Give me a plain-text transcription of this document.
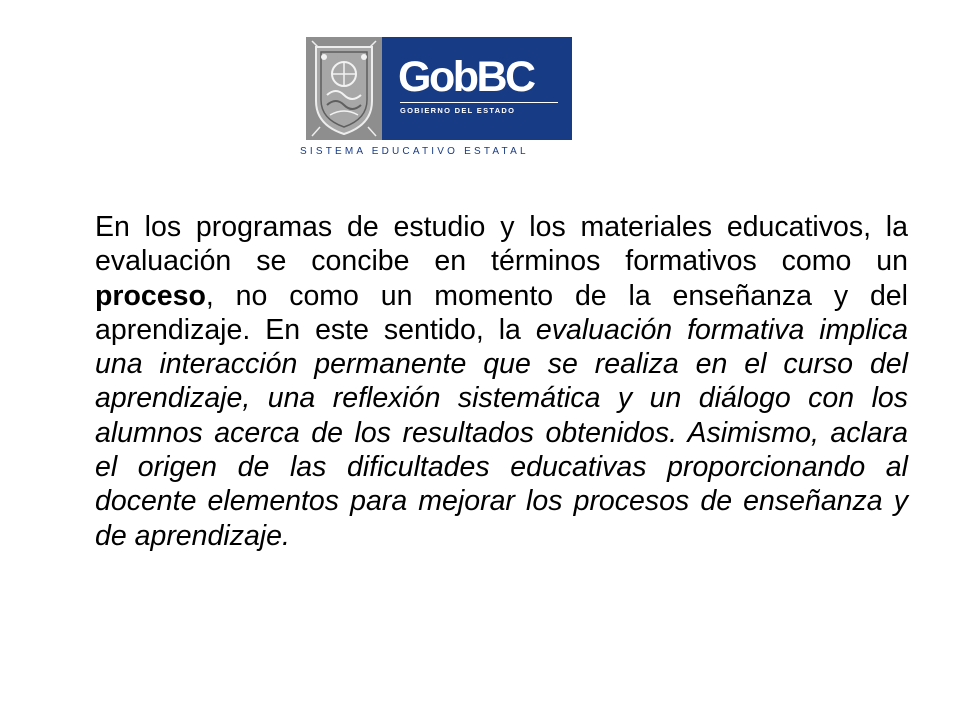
GobBC
GOBIERNO DEL ESTADO
SISTEMA EDUCATIVO ESTATAL
En los programas de estudio y los materiales educativos, la evaluación se concibe en términos formativos como un proceso, no como un momento de la enseñanza y del aprendizaje. En este sentido, la evaluación formativa implica una interacción permanente que se realiza en el curso del aprendizaje, una reflexión sistemática y un diálogo con los alumnos acerca de los resultados obtenidos. Asimismo, aclara el origen de las dificultades educativas proporcionando al docente elementos para mejorar los procesos de enseñanza y de aprendizaje.
